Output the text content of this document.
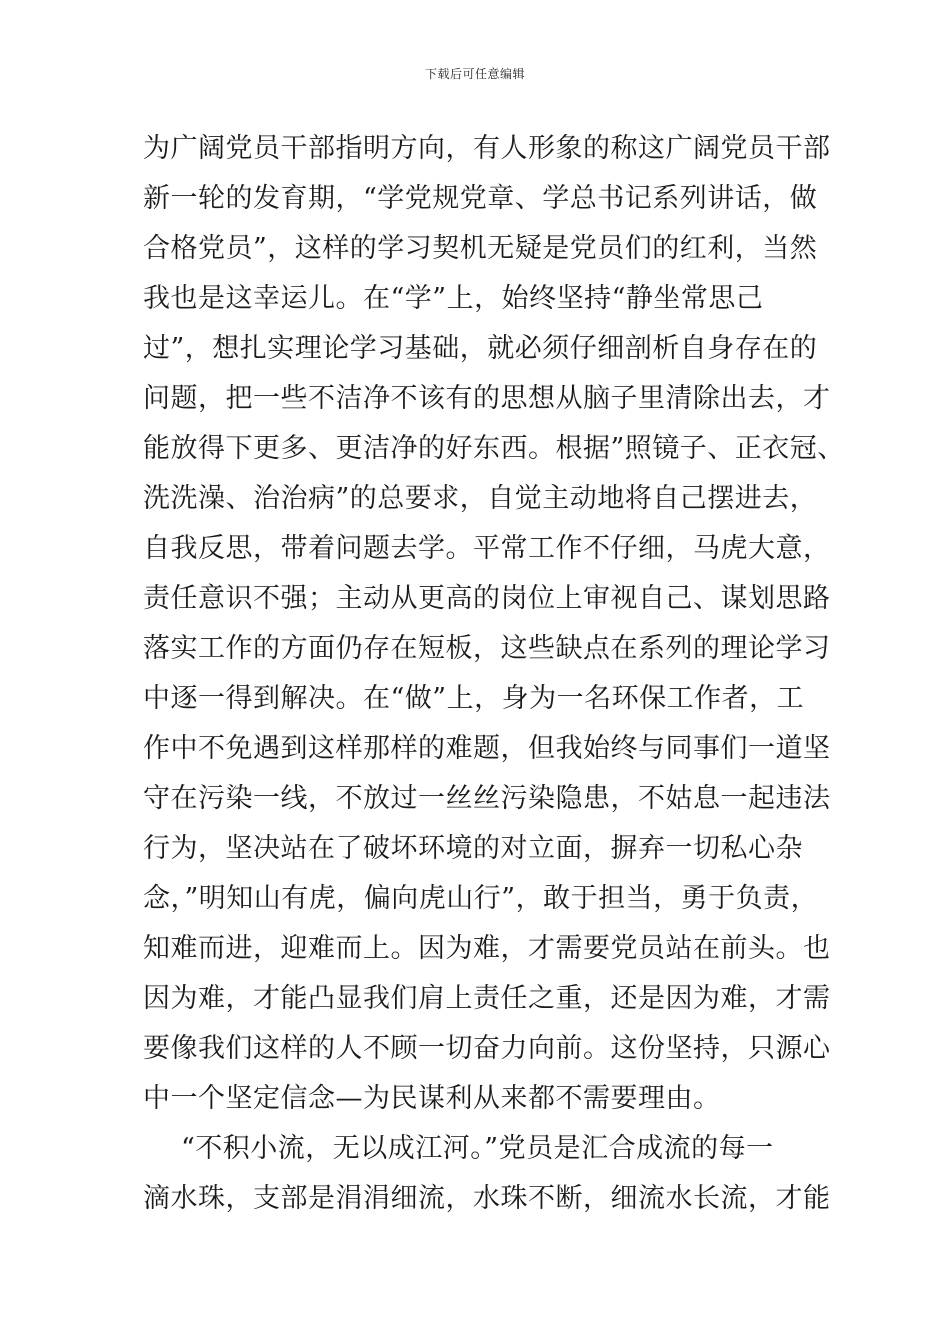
下载后可任意编辑
为广阔党员干部指明方向，有人形象的称这广阔党员干部
新一轮的发育期，“学党规党章、学总书记系列讲话，做
合格党员”，这样的学习契机无疑是党员们的红利，当然
我也是这幸运儿。在“学”上，始终坚持“静坐常思己
过”，想扎实理论学习基础，就必须仔细剖析自身存在的
问题，把一些不洁净不该有的思想从脑子里清除出去，才
能放得下更多、更洁净的好东西。根据”照镜子、正衣冠、
洗洗澡、治治病”的总要求，自觉主动地将自己摆进去，
自我反思，带着问题去学。平常工作不仔细，马虎大意，
责任意识不强；主动从更高的岗位上审视自己、谋划思路
落实工作的方面仍存在短板，这些缺点在系列的理论学习
中逐一得到解决。在“做”上，身为一名环保工作者，工
作中不免遇到这样那样的难题，但我始终与同事们一道坚
守在污染一线，不放过一丝丝污染隐患，不姑息一起违法
行为，坚决站在了破坏环境的对立面，摒弃一切私心杂
念，”明知山有虎，偏向虎山行”，敢于担当，勇于负责，
知难而进，迎难而上。因为难，才需要党员站在前头。也
因为难，才能凸显我们肩上责任之重，还是因为难，才需
要像我们这样的人不顾一切奋力向前。这份坚持，只源心
中一个坚定信念—为民谋利从来都不需要理由。
“不积小流，无以成江河。”党员是汇合成流的每一
滴水珠，支部是涓涓细流，水珠不断，细流水长流，才能
